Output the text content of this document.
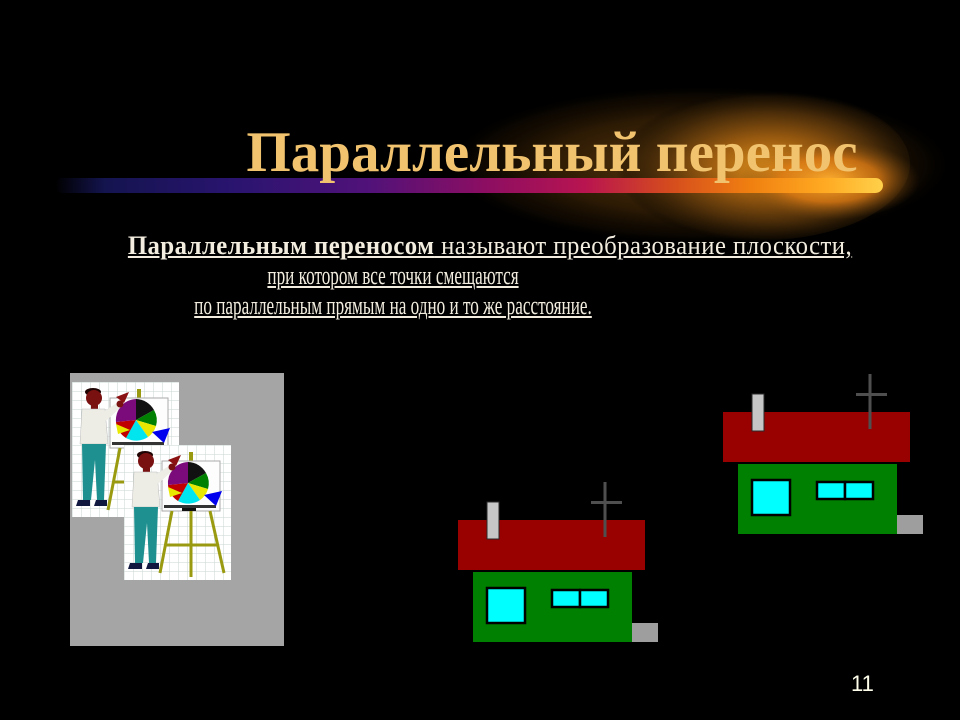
Параллельный перенос
Параллельным переносом называют преобразование плоскости,
при котором все точки смещаются
по параллельным прямым на одно и то же расстояние.
11
